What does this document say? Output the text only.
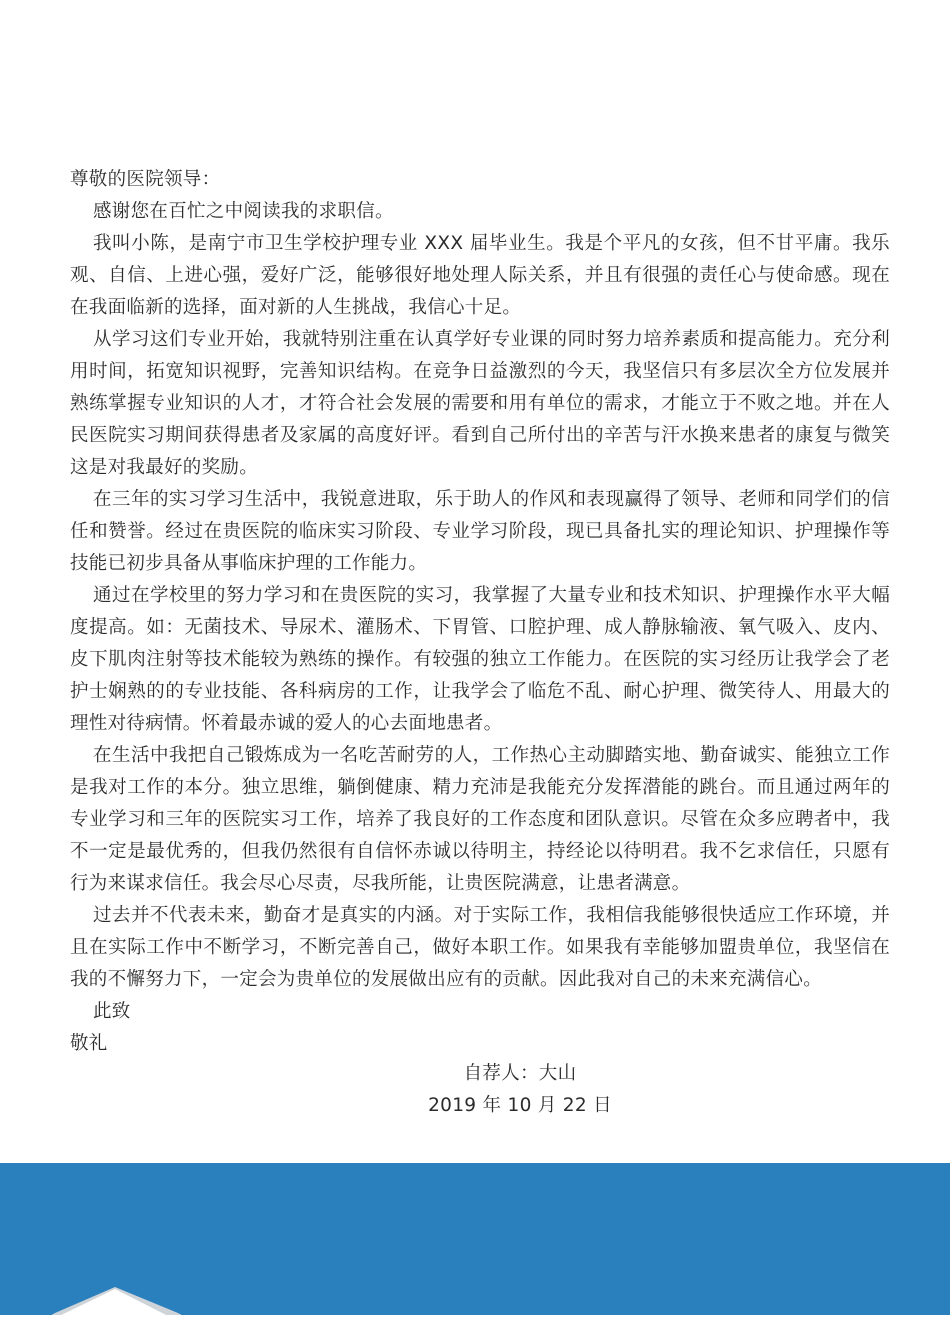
尊敬的医院领导：

感谢您在百忙之中阅读我的求职信。

我叫小陈，是南宁市卫生学校护理专业 XXX 届毕业生。我是个平凡的女孩，但不甘平庸。我乐观、自信、上进心强，爱好广泛，能够很好地处理人际关系，并且有很强的责任心与使命感。现在在我面临新的选择，面对新的人生挑战，我信心十足。

从学习这们专业开始，我就特别注重在认真学好专业课的同时努力培养素质和提高能力。充分利用时间，拓宽知识视野，完善知识结构。在竞争日益激烈的今天，我坚信只有多层次全方位发展并熟练掌握专业知识的人才，才符合社会发展的需要和用有单位的需求，才能立于不败之地。并在人民医院实习期间获得患者及家属的高度好评。看到自己所付出的辛苦与汗水换来患者的康复与微笑这是对我最好的奖励。

在三年的实习学习生活中，我锐意进取，乐于助人的作风和表现赢得了领导、老师和同学们的信任和赞誉。经过在贵医院的临床实习阶段、专业学习阶段，现已具备扎实的理论知识、护理操作等技能已初步具备从事临床护理的工作能力。

通过在学校里的努力学习和在贵医院的实习，我掌握了大量专业和技术知识、护理操作水平大幅度提高。如：无菌技术、导尿术、灌肠术、下胃管、口腔护理、成人静脉输液、氧气吸入、皮内、皮下肌肉注射等技术能较为熟练的操作。有较强的独立工作能力。在医院的实习经历让我学会了老护士娴熟的的专业技能、各科病房的工作，让我学会了临危不乱、耐心护理、微笑待人、用最大的理性对待病情。怀着最赤诚的爱人的心去面地患者。

在生活中我把自己锻炼成为一名吃苦耐劳的人，工作热心主动脚踏实地、勤奋诚实、能独立工作是我对工作的本分。独立思维，躺倒健康、精力充沛是我能充分发挥潜能的跳台。而且通过两年的专业学习和三年的医院实习工作，培养了我良好的工作态度和团队意识。尽管在众多应聘者中，我不一定是最优秀的，但我仍然很有自信怀赤诚以待明主，持经论以待明君。我不乞求信任，只愿有行为来谋求信任。我会尽心尽责，尽我所能，让贵医院满意，让患者满意。

过去并不代表未来，勤奋才是真实的内涵。对于实际工作，我相信我能够很快适应工作环境，并且在实际工作中不断学习，不断完善自己，做好本职工作。如果我有幸能够加盟贵单位，我坚信在我的不懈努力下，一定会为贵单位的发展做出应有的贡献。因此我对自己的未来充满信心。

此致

敬礼

自荐人：大山
2019 年 10 月 22 日
